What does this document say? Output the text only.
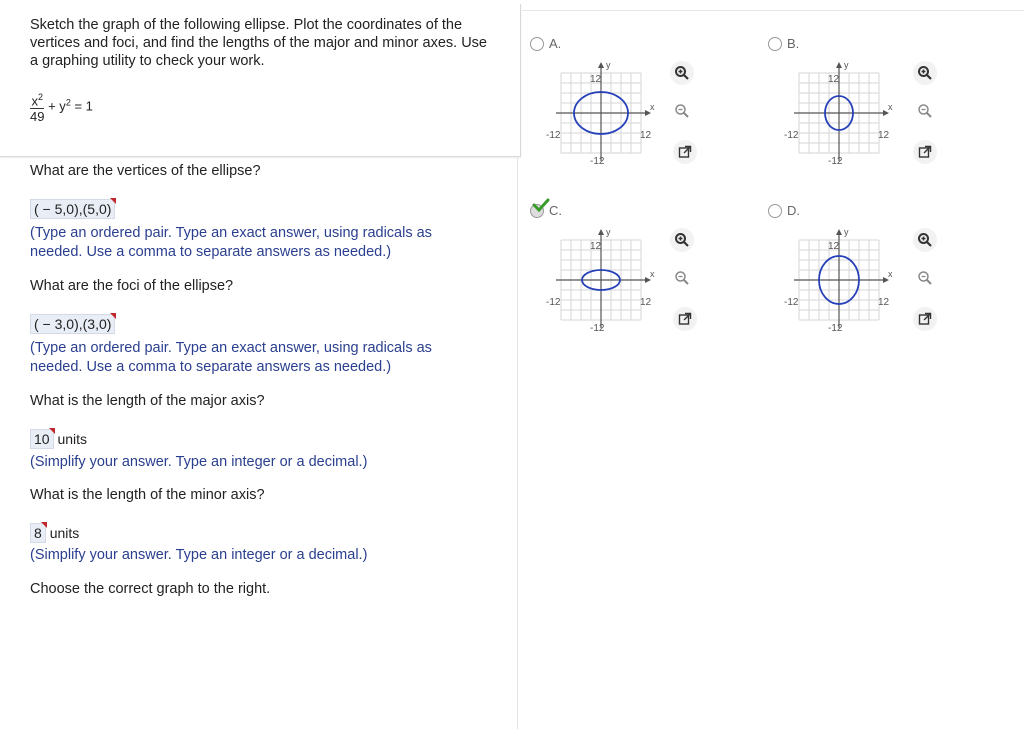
Sketch the graph of the following ellipse. Plot the coordinates of the vertices and foci, and find the lengths of the major and minor axes. Use a graphing utility to check your work.
$\frac{x^2}{49} + y^2 = 1$
What are the vertices of the ellipse?
( − 5,0),(5,0)
(Type an ordered pair. Type an exact answer, using radicals as needed. Use a comma to separate answers as needed.)
What are the foci of the ellipse?
( − 3,0),(3,0)
(Type an ordered pair. Type an exact answer, using radicals as needed. Use a comma to separate answers as needed.)
What is the length of the major axis?
10 units
(Simplify your answer. Type an integer or a decimal.)
What is the length of the minor axis?
8 units
(Simplify your answer. Type an integer or a decimal.)
Choose the correct graph to the right.
A.	B.
C.	D.
12
-12
-12	12
x
y
12
-12
-12	12
x
y
12
-12
-12	12
x
y
12
-12
-12	12
x
y
